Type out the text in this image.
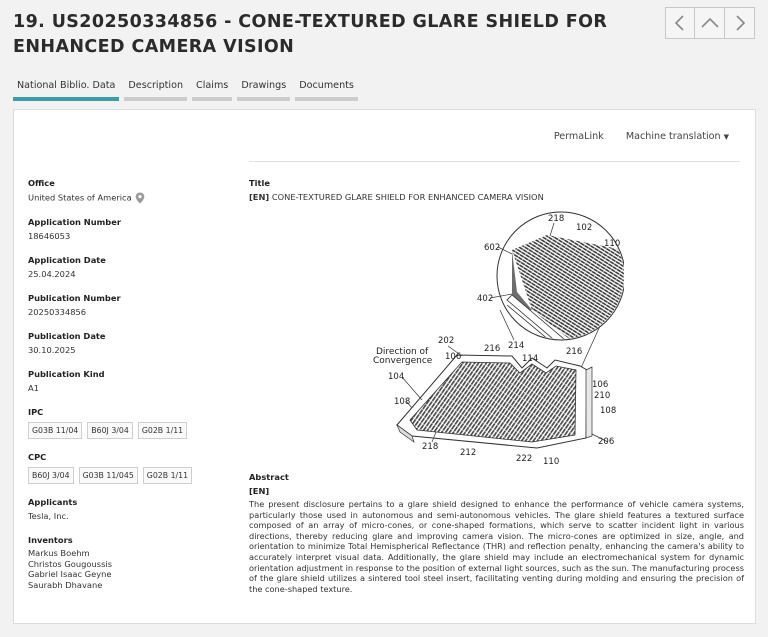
19. US20250334856 - CONE-TEXTURED GLARE SHIELD FOR ENHANCED CAMERA VISION
National Biblio. Data Description Claims Drawings Documents
PermaLink Machine translation ▼
Office
United States of America
Application Number
18646053
Application Date
25.04.2024
Publication Number
20250334856
Publication Date
30.10.2025
Publication Kind
A1
IPC
G03B 11/04	B60J 3/04	G02B 1/11
CPC
B60J 3/04	G03B 11/045	G02B 1/11
Applicants
Tesla, Inc.
Inventors
Markus Boehm
Christos Gougoussis
Gabriel Isaac Geyne
Saurabh Dhavane
Title
[EN] CONE-TEXTURED GLARE SHIELD FOR ENHANCED CAMERA VISION
Abstract
[EN]
The present disclosure pertains to a glare shield designed to enhance the performance of vehicle camera systems, particularly those used in autonomous and semi-autonomous vehicles. The glare shield features a textured surface composed of an array of micro-cones, or cone-shaped formations, which serve to scatter incident light in various directions, thereby reducing glare and improving camera vision. The micro-cones are optimized in size, angle, and orientation to minimize Total Hemispherical Reflectance (THR) and reflection penalty, enhancing the camera's ability to accurately interpret visual data. Additionally, the glare shield may include an electromechanical system for dynamic orientation adjustment in response to the position of external light sources, such as the sun. The manufacturing process of the glare shield utilizes a sintered tool steel insert, facilitating venting during molding and ensuring the precision of the cone-shaped texture.
218
102
110
602
402
202
216 214
114
216
106
104
106
210
108
108
218
212
222 110
206
Direction of
Convergence
